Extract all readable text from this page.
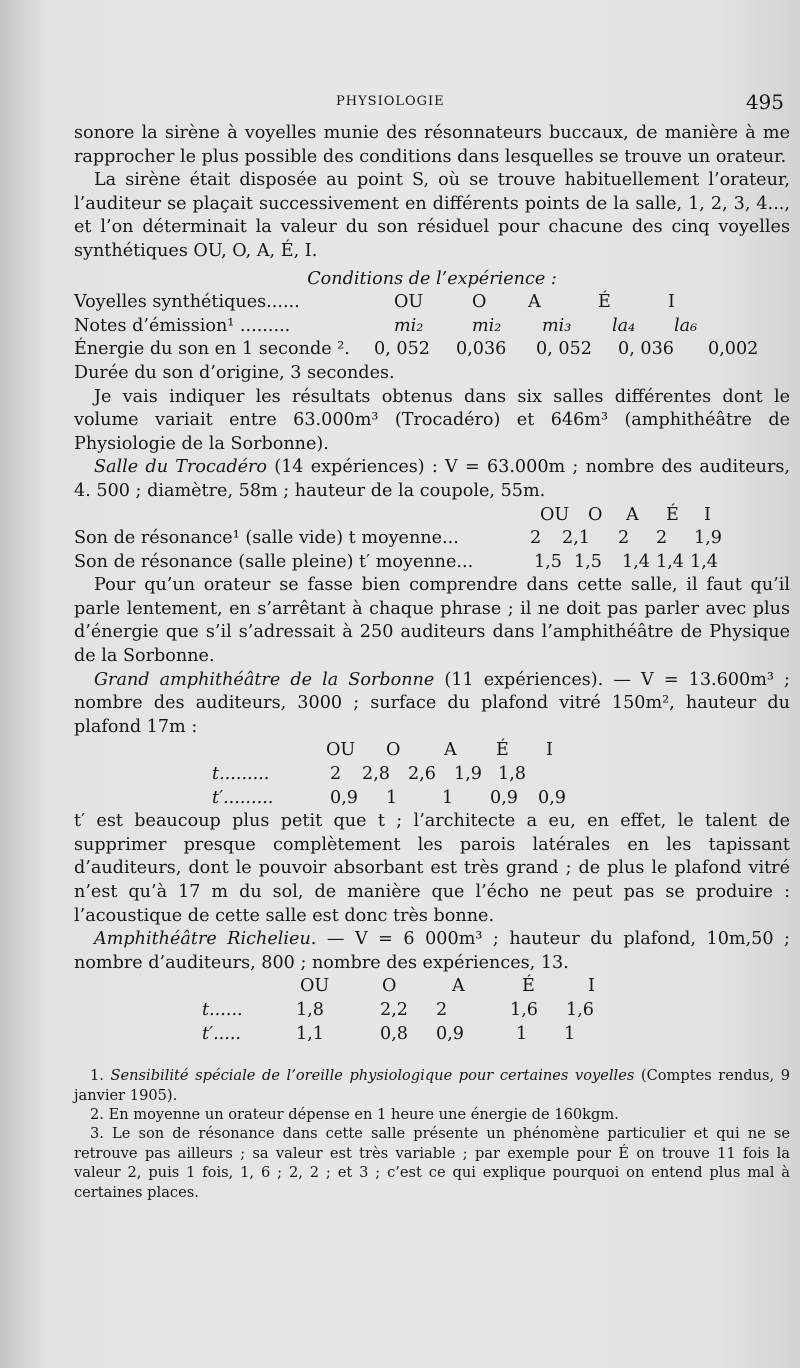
PHYSIOLOGIE	495

sonore la sirène à voyelles munie des résonnateurs buccaux, de manière à me rapprocher le plus possible des conditions dans lesquelles se trouve un orateur.

La sirène était disposée au point S, où se trouve habituellement l’orateur, l’auditeur se plaçait successivement en différents points de la salle, 1, 2, 3, 4..., et l’on déterminait la valeur du son résiduel pour chacune des cinq voyelles synthétiques OU, O, A, É, I.

Conditions de l’expérience :

Voyelles synthétiques......	OU	O	A	É	I
Notes d’émission¹ .........	mi₂	mi₂	mi₃	la₄	la₆
Énergie du son en 1 seconde ².	0, 052	0,036	0, 052	0, 036	0,002
Durée du son d’origine, 3 secondes.

Je vais indiquer les résultats obtenus dans six salles différentes dont le volume variait entre 63.000m³ (Trocadéro) et 646m³ (amphithéâtre de Physiologie de la Sorbonne).

Salle du Trocadéro (14 expériences) : V = 63.000m ; nombre des auditeurs, 4. 500 ; diamètre, 58m ; hauteur de la coupole, 55m.

OU	O	A	É	I
Son de résonance¹ (salle vide) t moyenne...	2	2,1	2	2	1,9
Son de résonance (salle pleine) t′ moyenne...	1,5 1,5	1,4 1,4 1,4

Pour qu’un orateur se fasse bien comprendre dans cette salle, il faut qu’il parle lentement, en s’arrêtant à chaque phrase ; il ne doit pas parler avec plus d’énergie que s’il s’adressait à 250 auditeurs dans l’amphithéâtre de Physique de la Sorbonne.

Grand amphithéâtre de la Sorbonne (11 expériences). — V = 13.600m³ ; nombre des auditeurs, 3000 ; surface du plafond vitré 150m², hauteur du plafond 17m :

OU	O	A	É	I
t.........	2	2,8	2,6	1,9 1,8
t′.........	0,9	1	1	0,9	0,9

t′ est beaucoup plus petit que t ; l’architecte a eu, en effet, le talent de supprimer presque complètement les parois latérales en les tapissant d’auditeurs, dont le pouvoir absorbant est très grand ; de plus le plafond vitré n’est qu’à 17 m du sol, de manière que l’écho ne peut pas se produire : l’acoustique de cette salle est donc très bonne.

Amphithéâtre Richelieu. — V = 6 000m³ ; hauteur du plafond, 10m,50 ; nombre d’auditeurs, 800 ; nombre des expériences, 13.

OU	O	A	É	I
t......	1,8	2,2	2	1,6	1,6
t′.....	1,1	0,8	0,9	1	1

1. Sensibilité spéciale de l’oreille physiologique pour certaines voyelles (Comptes rendus, 9 janvier 1905).

2. En moyenne un orateur dépense en 1 heure une énergie de 160kgm.

3. Le son de résonance dans cette salle présente un phénomène particulier et qui ne se retrouve pas ailleurs ; sa valeur est très variable ; par exemple pour É on trouve 11 fois la valeur 2, puis 1 fois, 1, 6 ; 2, 2 ; et 3 ; c’est ce qui explique pourquoi on entend plus mal à certaines places.
